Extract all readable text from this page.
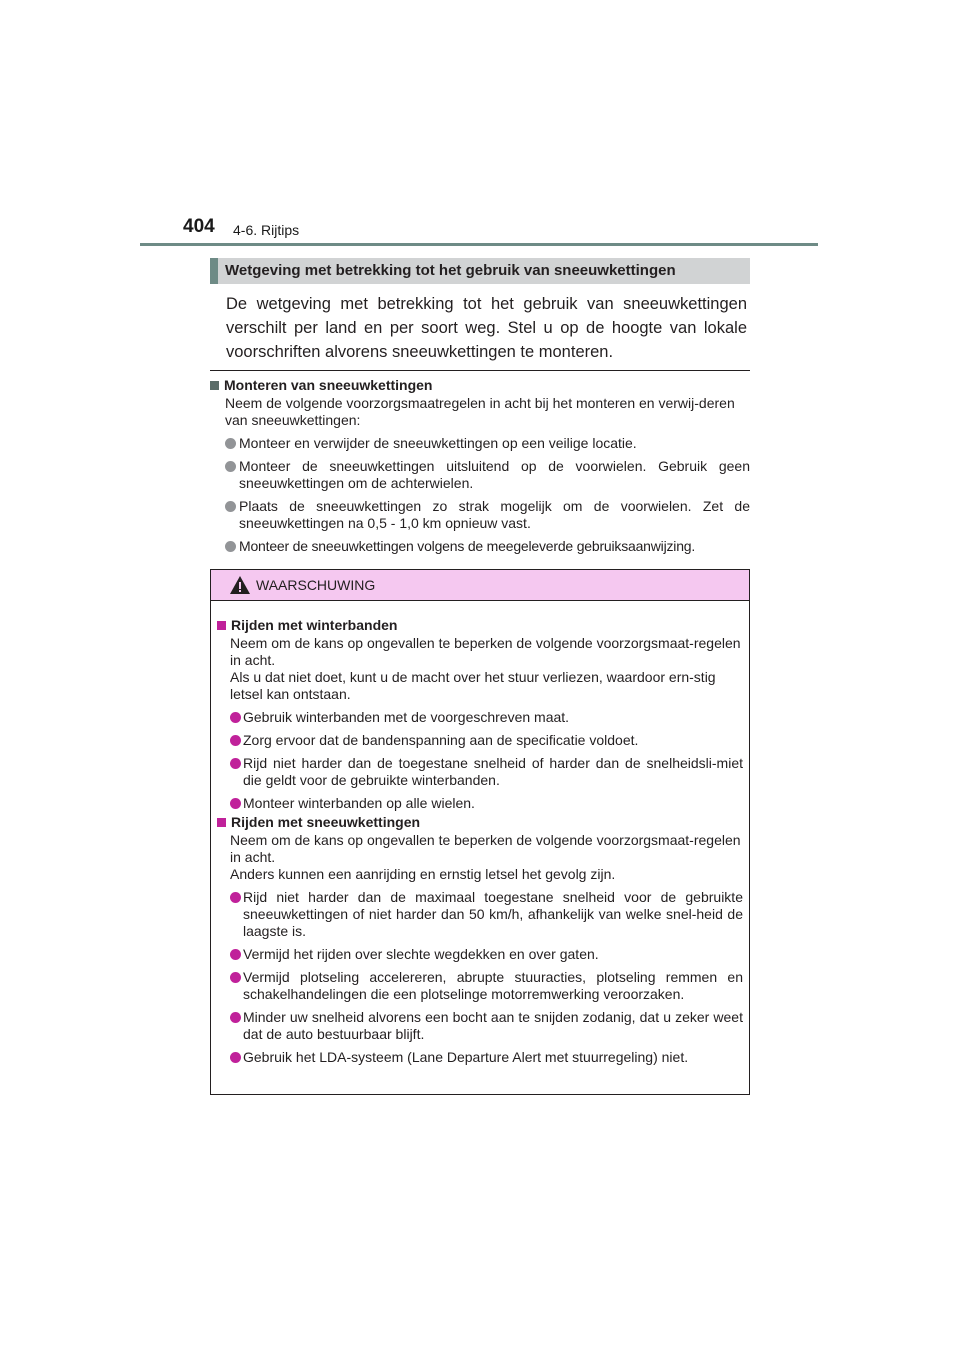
404 4-6. Rijtips
Wetgeving met betrekking tot het gebruik van sneeuwkettingen
De wetgeving met betrekking tot het gebruik van sneeuwkettingen verschilt per land en per soort weg. Stel u op de hoogte van lokale voorschriften alvorens sneeuwkettingen te monteren.

Monteren van sneeuwkettingen

Neem de volgende voorzorgsmaatregelen in acht bij het monteren en verwij-deren van sneeuwkettingen:

Monteer en verwijder de sneeuwkettingen op een veilige locatie.
Monteer de sneeuwkettingen uitsluitend op de voorwielen. Gebruik geen sneeuwkettingen om de achterwielen.
Plaats de sneeuwkettingen zo strak mogelijk om de voorwielen. Zet de sneeuwkettingen na 0,5 - 1,0 km opnieuw vast.
Monteer de sneeuwkettingen volgens de meegeleverde gebruiksaanwijzing.
WAARSCHUWING

Rijden met winterbanden

Neem om de kans op ongevallen te beperken de volgende voorzorgsmaat-regelen in acht.

Als u dat niet doet, kunt u de macht over het stuur verliezen, waardoor ern-stig letsel kan ontstaan.

Gebruik winterbanden met de voorgeschreven maat.
Zorg ervoor dat de bandenspanning aan de specificatie voldoet.
Rijd niet harder dan de toegestane snelheid of harder dan de snelheidsli-miet die geldt voor de gebruikte winterbanden.
Monteer winterbanden op alle wielen.

Rijden met sneeuwkettingen

Neem om de kans op ongevallen te beperken de volgende voorzorgsmaat-regelen in acht.

Anders kunnen een aanrijding en ernstig letsel het gevolg zijn.

Rijd niet harder dan de maximaal toegestane snelheid voor de gebruikte sneeuwkettingen of niet harder dan 50 km/h, afhankelijk van welke snel-heid de laagste is.
Vermijd het rijden over slechte wegdekken en over gaten.
Vermijd plotseling accelereren, abrupte stuuracties, plotseling remmen en schakelhandelingen die een plotselinge motorremwerking veroorzaken.
Minder uw snelheid alvorens een bocht aan te snijden zodanig, dat u zeker weet dat de auto bestuurbaar blijft.
Gebruik het LDA-systeem (Lane Departure Alert met stuurregeling) niet.
